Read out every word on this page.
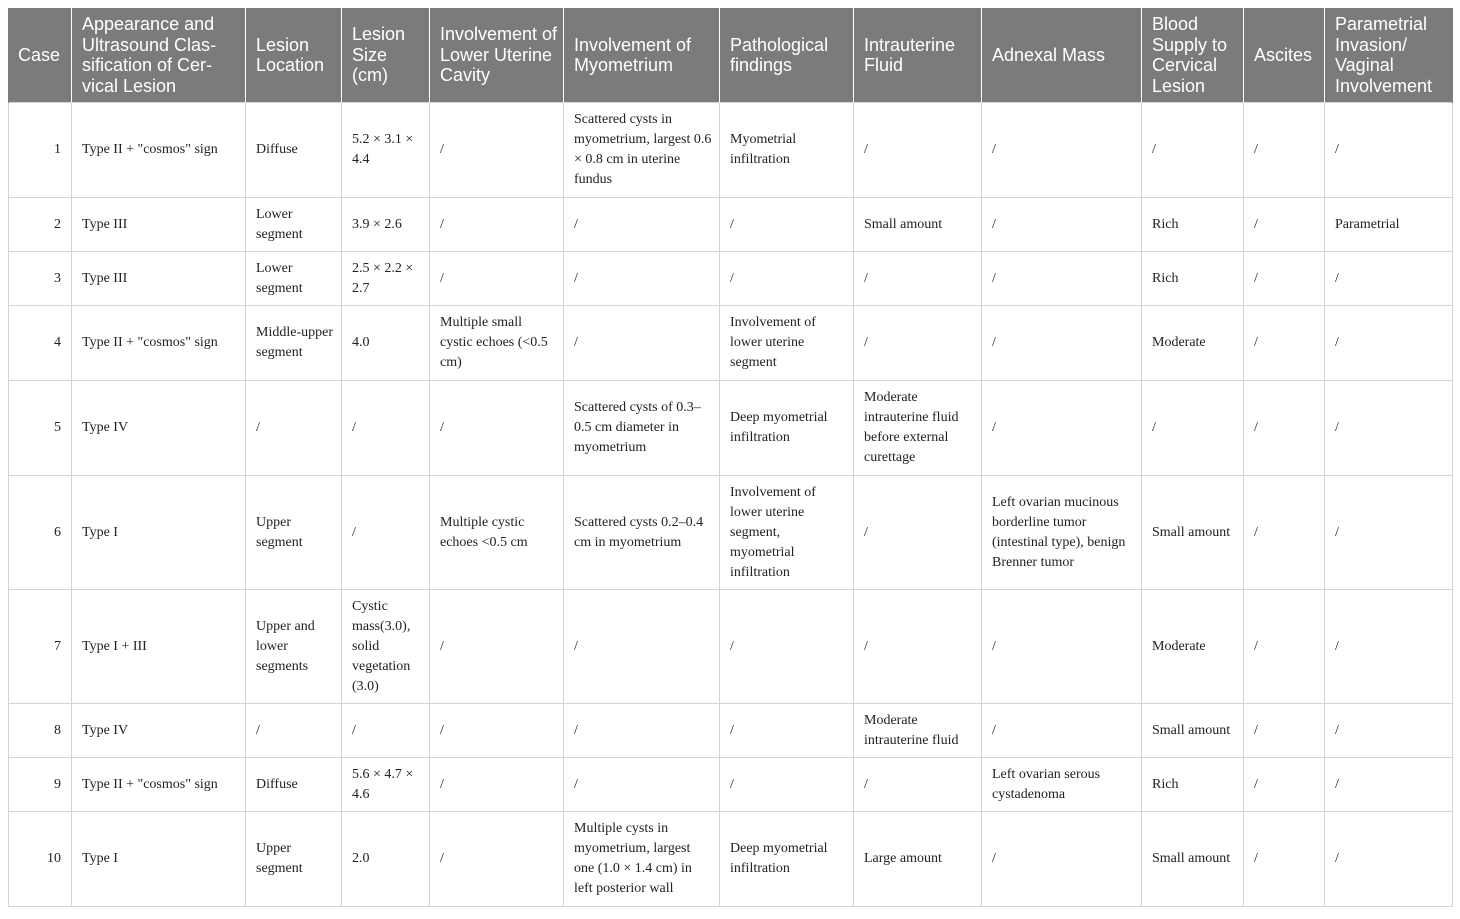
Case	Appearance and Ultrasound Classification of Cervical Lesion	Lesion Location	Lesion Size (cm)	Involvement of Lower Uterine Cavity	Involvement of Myometrium	Pathological findings	Intrauterine Fluid	Adnexal Mass	Blood Supply to Cervical Lesion	Ascites	Parametrial Invasion/ Vaginal Involvement
1	Type II + "cosmos" sign	Diffuse	5.2 × 3.1 × 4.4	/	Scattered cysts in myometrium, largest 0.6 × 0.8 cm in uterine fundus	Myometrial infiltration	/	/	/	/	/
2	Type III	Lower segment	3.9 × 2.6	/	/	/	Small amount	/	Rich	/	Parametrial
3	Type III	Lower segment	2.5 × 2.2 × 2.7	/	/	/	/	/	Rich	/	/
4	Type II + "cosmos" sign	Middle-upper segment	4.0	Multiple small cystic echoes (<0.5 cm)	/	Involvement of lower uterine segment	/	/	Moderate	/	/
5	Type IV	/	/	/	Scattered cysts of 0.3–0.5 cm diameter in myometrium	Deep myometrial infiltration	Moderate intrauterine fluid before external curettage	/	/	/	/
6	Type I	Upper segment	/	Multiple cystic echoes <0.5 cm	Scattered cysts 0.2–0.4 cm in myometrium	Involvement of lower uterine segment, myometrial infiltration	/	Left ovarian mucinous borderline tumor (intestinal type), benign Brenner tumor	Small amount	/	/
7	Type I + III	Upper and lower segments	Cystic mass(3.0), solid vegetation (3.0)	/	/	/	/	/	Moderate	/	/
8	Type IV	/	/	/	/	/	Moderate intrauterine fluid	/	Small amount	/	/
9	Type II + "cosmos" sign	Diffuse	5.6 × 4.7 × 4.6	/	/	/	/	Left ovarian serous cystadenoma	Rich	/	/
10	Type I	Upper segment	2.0	/	Multiple cysts in myometrium, largest one (1.0 × 1.4 cm) in left posterior wall	Deep myometrial infiltration	Large amount	/	Small amount	/	/
